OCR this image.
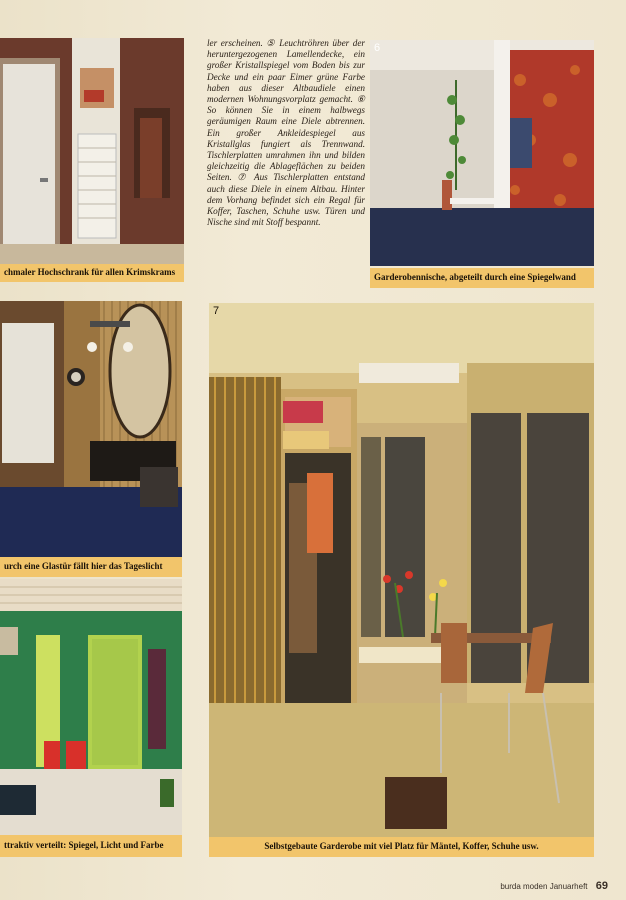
chmaler Hochschrank für allen Krimskrams

ler erscheinen. ⑤ Leuchtröhren über der heruntergezogenen Lamellendecke, ein großer Kristallspiegel vom Boden bis zur Decke und ein paar Eimer grüne Farbe haben aus dieser Altbaudiele einen modernen Wohnungsvorplatz gemacht. ⑥ So können Sie in einem halbwegs geräumigen Raum eine Diele abtrennen. Ein großer Ankleidespiegel aus Kristallglas fungiert als Trennwand. Tischlerplatten umrahmen ihn und bilden gleichzeitig die Ablageflächen zu beiden Seiten. ⑦ Aus Tischlerplatten entstand auch diese Diele in einem Altbau. Hinter dem Vorhang befindet sich ein Regal für Koffer, Taschen, Schuhe usw. Türen und Nische sind mit Stoff bespannt.

6
Garderobennische, abgeteilt durch eine Spiegelwand
urch eine Glastür fällt hier das Tageslicht
ttraktiv verteilt: Spiegel, Licht und Farbe
7
Selbstgebaute Garderobe mit viel Platz für Mäntel, Koffer, Schuhe usw.
burda moden Januarheft 69
